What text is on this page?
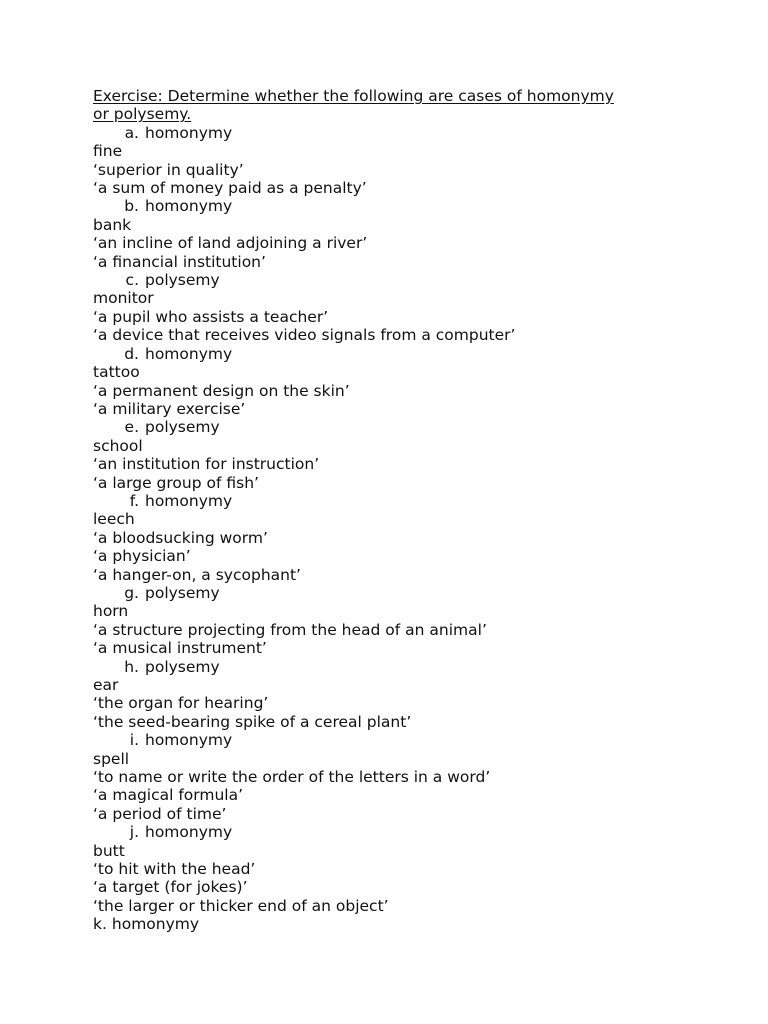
Exercise: Determine whether the following are cases of homonymy
or polysemy.
a. homonymy
fine
‘superior in quality’
‘a sum of money paid as a penalty’
b. homonymy
bank
‘an incline of land adjoining a river’
‘a financial institution’
c. polysemy
monitor
‘a pupil who assists a teacher’
‘a device that receives video signals from a computer’
d. homonymy
tattoo
‘a permanent design on the skin’
‘a military exercise’
e. polysemy
school
‘an institution for instruction’
‘a large group of fish’
f. homonymy
leech
‘a bloodsucking worm’
‘a physician’
‘a hanger-on, a sycophant’
g. polysemy
horn
‘a structure projecting from the head of an animal’
‘a musical instrument’
h. polysemy
ear
‘the organ for hearing’
‘the seed-bearing spike of a cereal plant’
i. homonymy
spell
‘to name or write the order of the letters in a word’
‘a magical formula’
‘a period of time’
j. homonymy
butt
‘to hit with the head’
‘a target (for jokes)’
‘the larger or thicker end of an object’
k. homonymy
